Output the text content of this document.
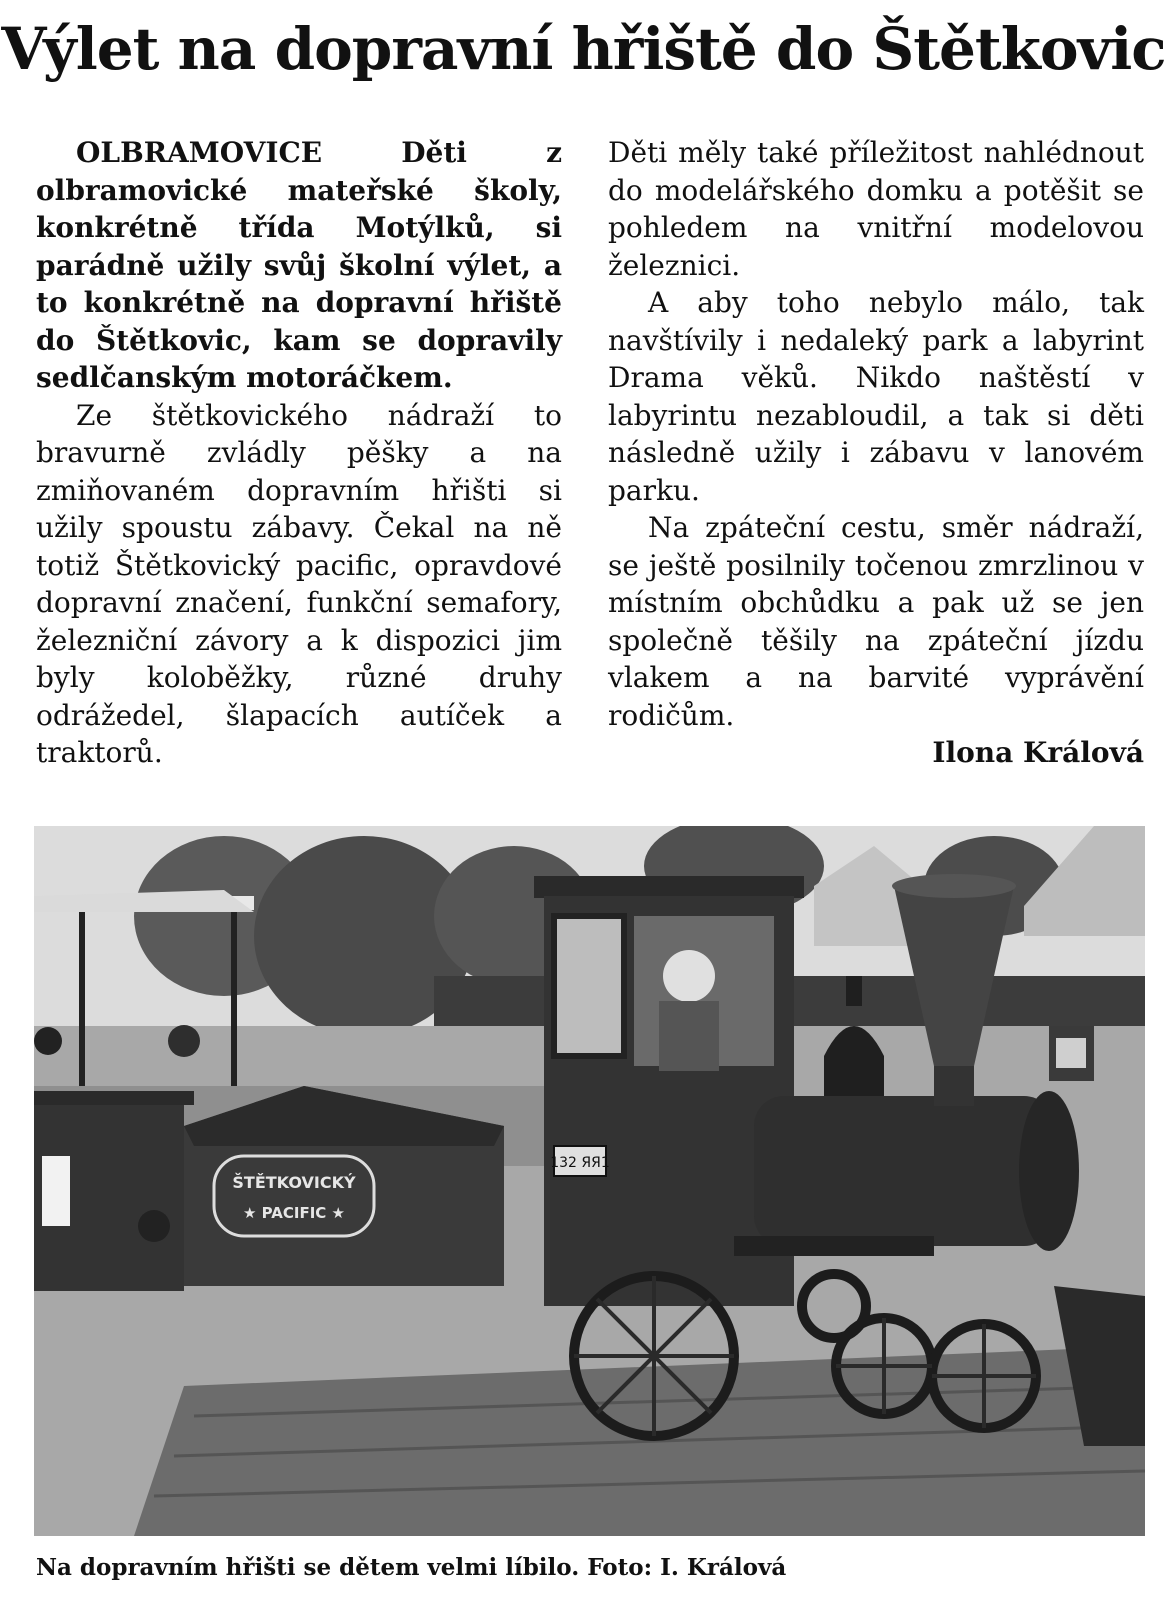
Výlet na dopravní hřiště do Štětkovic

OLBRAMOVICE Děti z olbramovické mateřské školy, konkrétně třída Motýlků, si parádně užily svůj školní výlet, a to konkrétně na dopravní hřiště do Štětkovic, kam se dopravily sedlčanským motoráčkem.

Ze štětkovického nádraží to bravurně zvládly pěšky a na zmiňovaném dopravním hřišti si užily spoustu zábavy. Čekal na ně totiž Štětkovický pacific, opravdové dopravní značení, funkční semafory, železniční závory a k dispozici jim byly koloběžky, různé druhy odrážedel, šlapacích autíček a traktorů.

Děti měly také příležitost nahlédnout do modelářského domku a potěšit se pohledem na vnitřní modelovou železnici.

A aby toho nebylo málo, tak navštívily i nedaleký park a labyrint Drama věků. Nikdo naštěstí v labyrintu nezabloudil, a tak si děti následně užily i zábavu v lanovém parku.

Na zpáteční cestu, směr nádraží, se ještě posilnily točenou zmrzlinou v místním obchůdku a pak už se jen společně těšily na zpáteční jízdu vlakem a na barvité vyprávění rodičům.

Ilona Králová

ŠTĚTKOVICKÝ
★ PACIFIC ★
132 ЯЯ1

Na dopravním hřišti se dětem velmi líbilo. Foto: I. Králová
